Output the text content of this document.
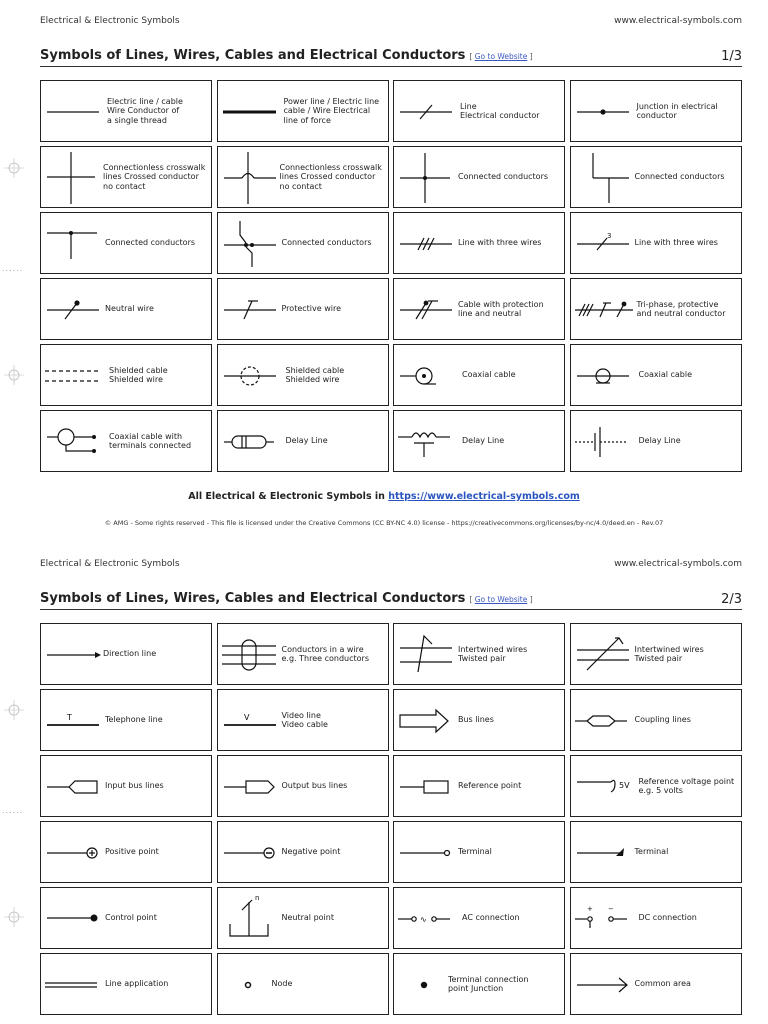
......
......
Electrical & Electronic Symbols	www.electrical-symbols.com
Symbols of Lines, Wires, Cables and Electrical Conductors [ Go to Website ]	1/3
Electric line / cable
Wire Conductor of
a single thread
Power line / Electric line
cable / Wire Electrical
line of force
Line
Electrical conductor
Junction in electrical
conductor
Connectionless crosswalk
lines Crossed conductor
no contact
Connectionless crosswalk
lines Crossed conductor
no contact
Connected conductors	Connected conductors
Connected conductors	Connected conductors	Line with three wires
3
Line with three wires
Neutral wire	Protective wire
Cable with protection
line and neutral
Tri-phase, protective
and neutral conductor
Shielded cable
Shielded wire
Shielded cable
Shielded wire
Coaxial cable	Coaxial cable
Coaxial cable with
terminals connected
Delay Line	Delay Line	Delay Line
All Electrical & Electronic Symbols in https://www.electrical-symbols.com
© AMG - Some rights reserved - This file is licensed under the Creative Commons (CC BY-NC 4.0) license - https://creativecommons.org/licenses/by-nc/4.0/deed.en - Rev.07
Electrical & Electronic Symbols	www.electrical-symbols.com
Symbols of Lines, Wires, Cables and Electrical Conductors [ Go to Website ]	2/3
Direction line
Conductors in a wire
e.g. Three conductors
Intertwined wires
Twisted pair
Intertwined wires
Twisted pair
T	Telephone line	V	Video line
Video cable
Bus lines	Coupling lines
Input bus lines	Output bus lines	Reference point	5V Reference voltage point
e.g. 5 volts
Positive point	Negative point	Terminal	Terminal
Control point
n
Neutral point	∿	AC connection
+ −
DC connection
Line application	Node
Terminal connection
point Junction
Common area
